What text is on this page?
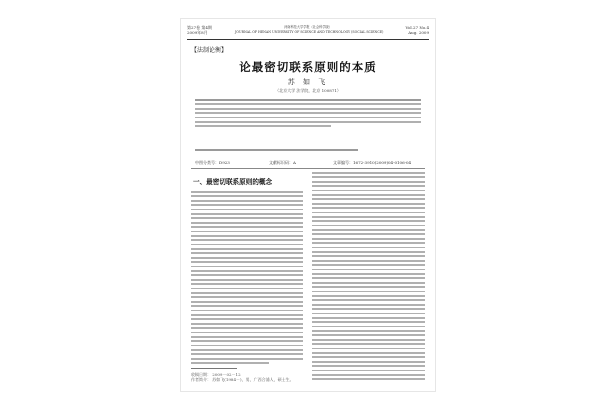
第27卷 第4期
2009年8月
河南科技大学学报（社会科学版）
JOURNAL OF HENAN UNIVERSITY OF SCIENCE AND TECHNOLOGY (SOCIAL SCIENCE)
Vol.27 No.4
Aug. 2009
【法制论衡】
论最密切联系原则的本质
苏 如 飞
（北京大学 法学院，北京 100871）
中图分类号：D923	文献标识码：A	文章编号：1672-3910(2009)04-0106-04
一、最密切联系原则的概念
收稿日期： 2009－02－12
作者简介： 苏如飞(1984－)，男，广西合浦人，硕士生。
